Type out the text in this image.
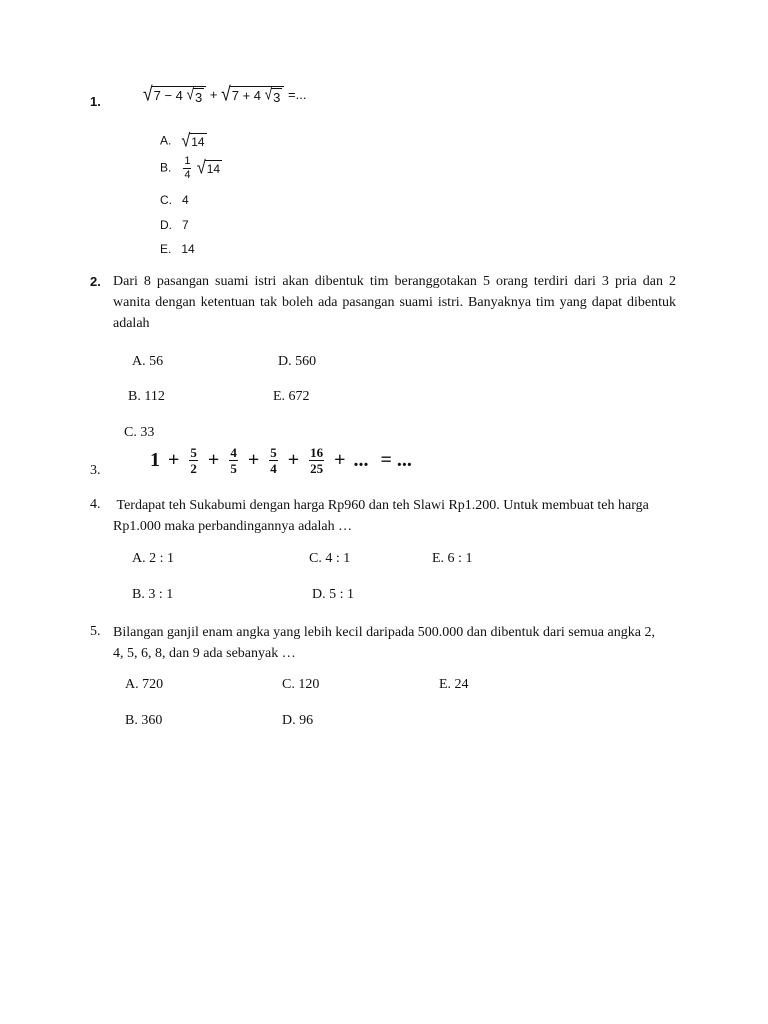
1. √ 7 − 4 √ 3 + √ 7 + 4 √ 3 =...
A. √ 14
B. $\frac{1}{4}$
√ 14
C. 4
D. 7
E. 14
2. Dari 8 pasangan suami istri akan dibentuk tim beranggotakan 5 orang terdiri dari 3 pria dan 2 wanita dengan ketentuan tak boleh ada pasangan suami istri. Banyaknya tim yang dapat dibentuk adalah
A. 56	D. 560
B. 112	E. 672
C. 33
3. $1 + \frac{5}{2} + \frac{4}{5} + \frac{5}{4} + \frac{16}{25}$ + ... = ...
4. Terdapat teh Sukabumi dengan harga Rp960 dan teh Slawi Rp1.200. Untuk membuat teh harga Rp1.000 maka perbandingannya adalah …
A. 2 : 1	C. 4 : 1	E. 6 : 1
B. 3 : 1	D. 5 : 1
5. Bilangan ganjil enam angka yang lebih kecil daripada 500.000 dan dibentuk dari semua angka 2, 4, 5, 6, 8, dan 9 ada sebanyak …
A. 720	C. 120	E. 24
B. 360	D. 96
